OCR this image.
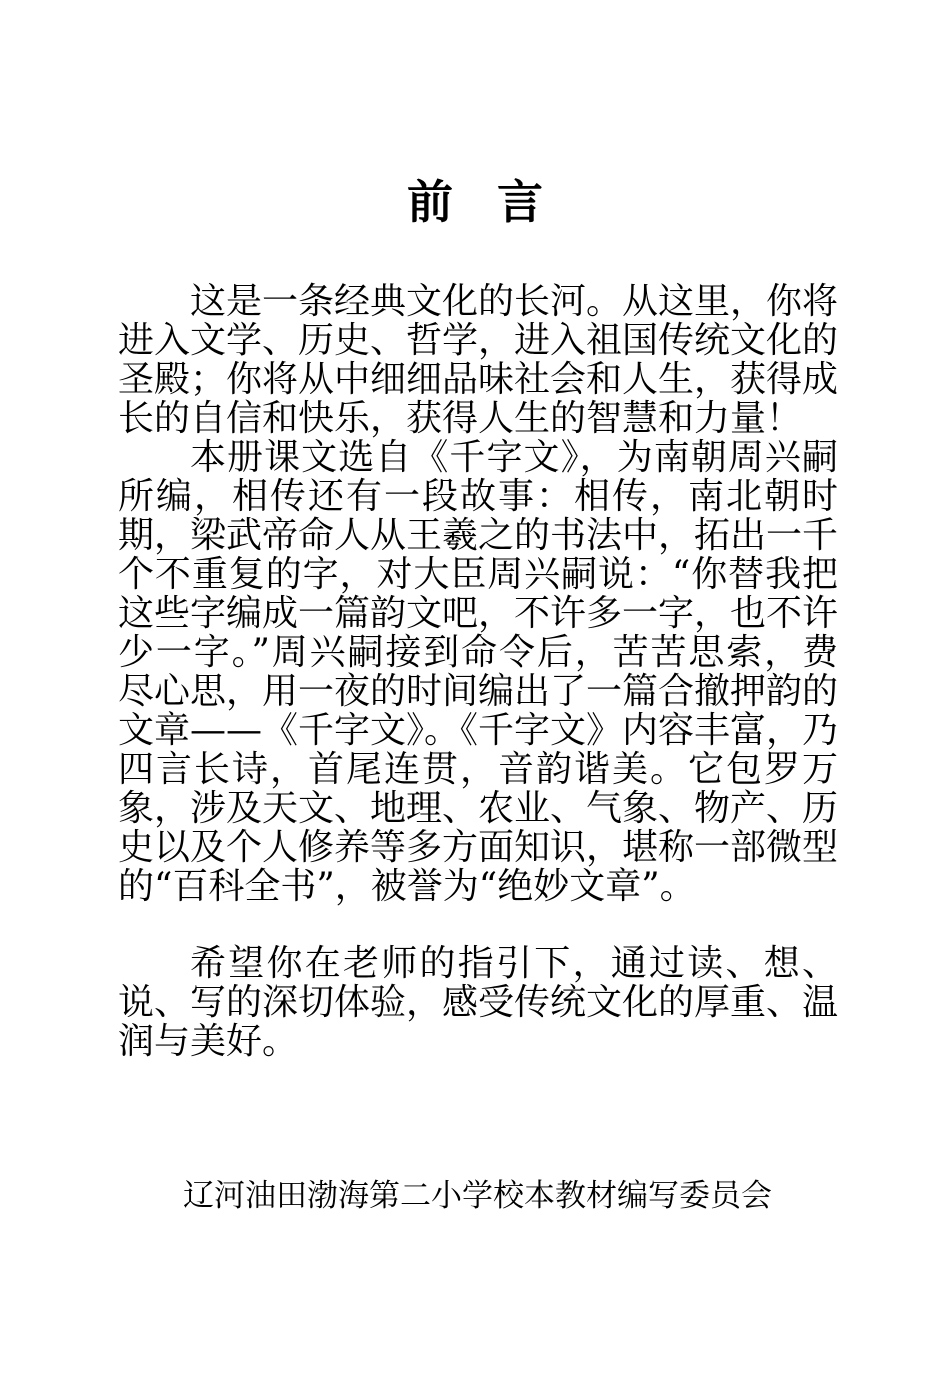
前言

这是一条经典文化的长河。从这里，你将进入文学、历史、哲学，进入祖国传统文化的圣殿；你将从中细细品味社会和人生，获得成长的自信和快乐，获得人生的智慧和力量！

本册课文选自《千字文》，为南朝周兴嗣所编，相传还有一段故事：相传，南北朝时期，梁武帝命人从王羲之的书法中，拓出一千个不重复的字，对大臣周兴嗣说：“你替我把这些字编成一篇韵文吧，不许多一字，也不许少一字。”周兴嗣接到命令后，苦苦思索，费尽心思，用一夜的时间编出了一篇合撤押韵的文章——《千字文》。《千字文》内容丰富，乃四言长诗，首尾连贯，音韵谐美。它包罗万象，涉及天文、地理、农业、气象、物产、历史以及个人修养等多方面知识，堪称一部微型的“百科全书”，被誉为“绝妙文章”。

希望你在老师的指引下，通过读、想、说、写的深切体验，感受传统文化的厚重、温润与美好。

辽河油田渤海第二小学校本教材编写委员会
